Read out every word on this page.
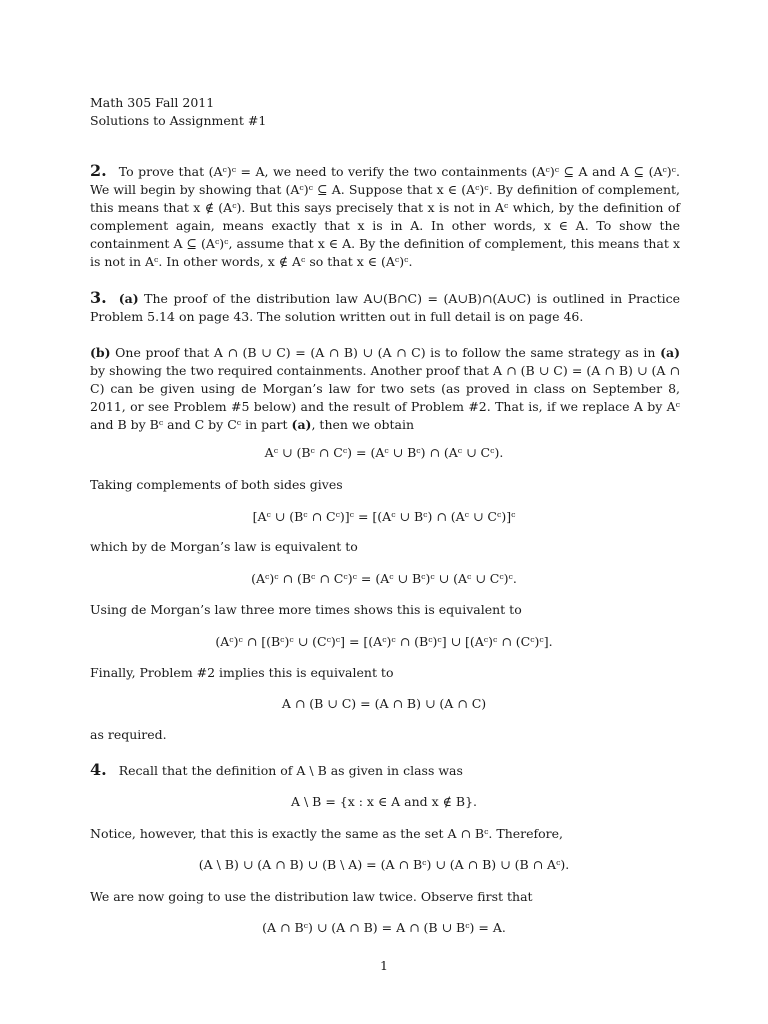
Math 305 Fall 2011
Solutions to Assignment #1

2. To prove that (Aᶜ)ᶜ = A, we need to verify the two containments (Aᶜ)ᶜ ⊆ A and A ⊆ (Aᶜ)ᶜ. We will begin by showing that (Aᶜ)ᶜ ⊆ A. Suppose that x ∈ (Aᶜ)ᶜ. By definition of complement, this means that x ∉ (Aᶜ). But this says precisely that x is not in Aᶜ which, by the definition of complement again, means exactly that x is in A. In other words, x ∈ A. To show the containment A ⊆ (Aᶜ)ᶜ, assume that x ∈ A. By the definition of complement, this means that x is not in Aᶜ. In other words, x ∉ Aᶜ so that x ∈ (Aᶜ)ᶜ.

3. (a) The proof of the distribution law A∪(B∩C) = (A∪B)∩(A∪C) is outlined in Practice Problem 5.14 on page 43. The solution written out in full detail is on page 46.

(b) One proof that A ∩ (B ∪ C) = (A ∩ B) ∪ (A ∩ C) is to follow the same strategy as in (a) by showing the two required containments. Another proof that A ∩ (B ∪ C) = (A ∩ B) ∪ (A ∩ C) can be given using de Morgan’s law for two sets (as proved in class on September 8, 2011, or see Problem #5 below) and the result of Problem #2. That is, if we replace A by Aᶜ and B by Bᶜ and C by Cᶜ in part (a), then we obtain

Aᶜ ∪ (Bᶜ ∩ Cᶜ) = (Aᶜ ∪ Bᶜ) ∩ (Aᶜ ∪ Cᶜ).

Taking complements of both sides gives

[Aᶜ ∪ (Bᶜ ∩ Cᶜ)]ᶜ = [(Aᶜ ∪ Bᶜ) ∩ (Aᶜ ∪ Cᶜ)]ᶜ

which by de Morgan’s law is equivalent to

(Aᶜ)ᶜ ∩ (Bᶜ ∩ Cᶜ)ᶜ = (Aᶜ ∪ Bᶜ)ᶜ ∪ (Aᶜ ∪ Cᶜ)ᶜ.

Using de Morgan’s law three more times shows this is equivalent to

(Aᶜ)ᶜ ∩ [(Bᶜ)ᶜ ∪ (Cᶜ)ᶜ] = [(Aᶜ)ᶜ ∩ (Bᶜ)ᶜ] ∪ [(Aᶜ)ᶜ ∩ (Cᶜ)ᶜ].

Finally, Problem #2 implies this is equivalent to

A ∩ (B ∪ C) = (A ∩ B) ∪ (A ∩ C)

as required.

4. Recall that the definition of A \ B as given in class was

A \ B = {x : x ∈ A and x ∉ B}.

Notice, however, that this is exactly the same as the set A ∩ Bᶜ. Therefore,

(A \ B) ∪ (A ∩ B) ∪ (B \ A) = (A ∩ Bᶜ) ∪ (A ∩ B) ∪ (B ∩ Aᶜ).

We are now going to use the distribution law twice. Observe first that

(A ∩ Bᶜ) ∪ (A ∩ B) = A ∩ (B ∪ Bᶜ) = A.
1
